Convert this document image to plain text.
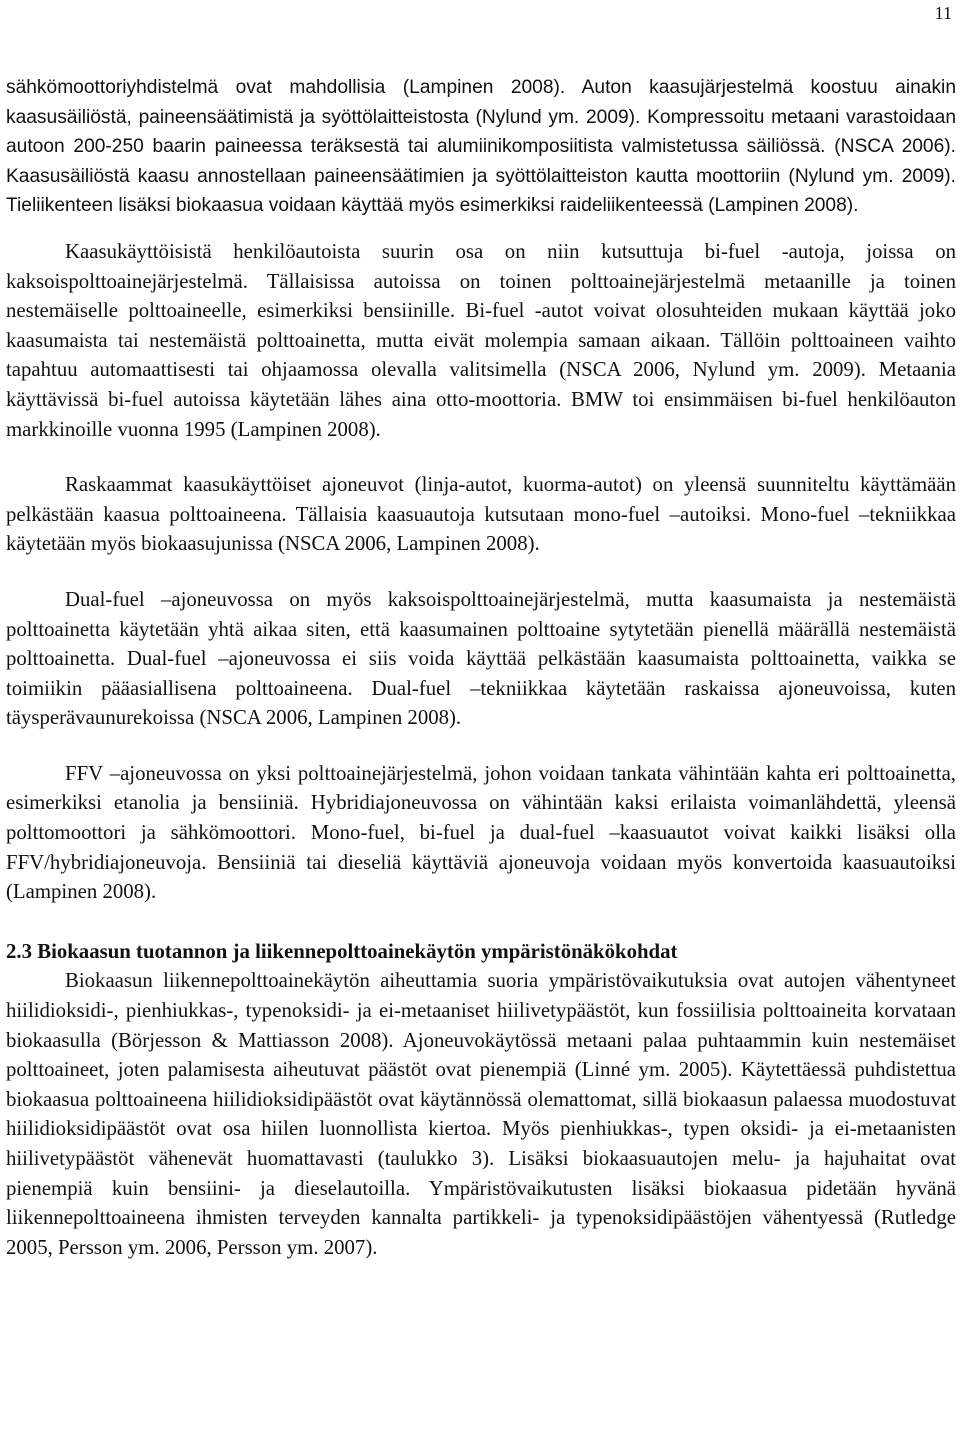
11

sähkömoottoriyhdistelmä ovat mahdollisia (Lampinen 2008). Auton kaasujärjestelmä koostuu ainakin kaasusäiliöstä, paineensäätimistä ja syöttölaitteistosta (Nylund ym. 2009). Kompressoitu metaani varastoidaan autoon 200-250 baarin paineessa teräksestä tai alumiinikomposiitista valmistetussa säiliössä. (NSCA 2006). Kaasusäiliöstä kaasu annostellaan paineensäätimien ja syöttölaitteiston kautta moottoriin (Nylund ym. 2009). Tieliikenteen lisäksi biokaasua voidaan käyttää myös esimerkiksi raideliikenteessä (Lampinen 2008).

Kaasukäyttöisistä henkilöautoista suurin osa on niin kutsuttuja bi-fuel -autoja, joissa on kaksoispolttoainejärjestelmä. Tällaisissa autoissa on toinen polttoainejärjestelmä metaanille ja toinen nestemäiselle polttoaineelle, esimerkiksi bensiinille. Bi-fuel -autot voivat olosuhteiden mukaan käyttää joko kaasumaista tai nestemäistä polttoainetta, mutta eivät molempia samaan aikaan. Tällöin polttoaineen vaihto tapahtuu automaattisesti tai ohjaamossa olevalla valitsimella (NSCA 2006, Nylund ym. 2009). Metaania käyttävissä bi-fuel autoissa käytetään lähes aina otto-moottoria. BMW toi ensimmäisen bi-fuel henkilöauton markkinoille vuonna 1995 (Lampinen 2008).

Raskaammat kaasukäyttöiset ajoneuvot (linja-autot, kuorma-autot) on yleensä suunniteltu käyttämään pelkästään kaasua polttoaineena. Tällaisia kaasuautoja kutsutaan mono-fuel –autoiksi. Mono-fuel –tekniikkaa käytetään myös biokaasujunissa (NSCA 2006, Lampinen 2008).

Dual-fuel –ajoneuvossa on myös kaksoispolttoainejärjestelmä, mutta kaasumaista ja nestemäistä polttoainetta käytetään yhtä aikaa siten, että kaasumainen polttoaine sytytetään pienellä määrällä nestemäistä polttoainetta. Dual-fuel –ajoneuvossa ei siis voida käyttää pelkästään kaasumaista polttoainetta, vaikka se toimiikin pääasiallisena polttoaineena. Dual-fuel –tekniikkaa käytetään raskaissa ajoneuvoissa, kuten täysperävaunurekoissa (NSCA 2006, Lampinen 2008).

FFV –ajoneuvossa on yksi polttoainejärjestelmä, johon voidaan tankata vähintään kahta eri polttoainetta, esimerkiksi etanolia ja bensiiniä. Hybridiajoneuvossa on vähintään kaksi erilaista voimanlähdettä, yleensä polttomoottori ja sähkömoottori. Mono-fuel, bi-fuel ja dual-fuel –kaasuautot voivat kaikki lisäksi olla FFV/hybridiajoneuvoja. Bensiiniä tai dieseliä käyttäviä ajoneuvoja voidaan myös konvertoida kaasuautoiksi (Lampinen 2008).

2.3 Biokaasun tuotannon ja liikennepolttoainekäytön ympäristönäkökohdat

Biokaasun liikennepolttoainekäytön aiheuttamia suoria ympäristövaikutuksia ovat autojen vähentyneet hiilidioksidi-, pienhiukkas-, typenoksidi- ja ei-metaaniset hiilivetypäästöt, kun fossiilisia polttoaineita korvataan biokaasulla (Börjesson & Mattiasson 2008). Ajoneuvokäytössä metaani palaa puhtaammin kuin nestemäiset polttoaineet, joten palamisesta aiheutuvat päästöt ovat pienempiä (Linné ym. 2005). Käytettäessä puhdistettua biokaasua polttoaineena hiilidioksidipäästöt ovat käytännössä olemattomat, sillä biokaasun palaessa muodostuvat hiilidioksidipäästöt ovat osa hiilen luonnollista kiertoa. Myös pienhiukkas-, typen oksidi- ja ei-metaanisten hiilivetypäästöt vähenevät huomattavasti (taulukko 3). Lisäksi biokaasuautojen melu- ja hajuhaitat ovat pienempiä kuin bensiini- ja dieselautoilla. Ympäristövaikutusten lisäksi biokaasua pidetään hyvänä liikennepolttoaineena ihmisten terveyden kannalta partikkeli- ja typenoksidipäästöjen vähentyessä (Rutledge 2005, Persson ym. 2006, Persson ym. 2007).
